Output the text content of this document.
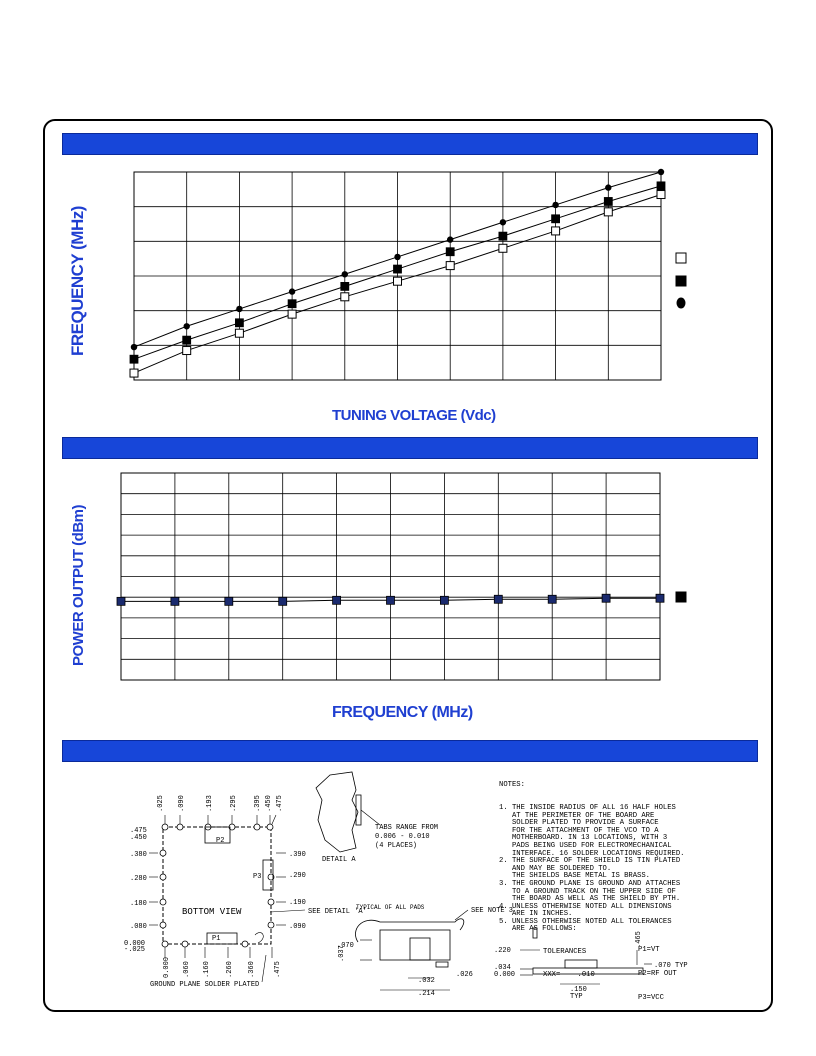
FREQUENCY (MHz)
TUNING VOLTAGE (Vdc)
POWER OUTPUT (dBm)
FREQUENCY (MHz)
.025 .090	.193 .295 .395 .450 .475
.475
.450
.380
.280
.180
.080
0.000
-.025
.390
.290
.190
.090
0.000 .060 .160 .260 .360	.475
BOTTOM VIEW
P1
P2
P3
SEE DETAIL 'A'
GROUND PLANE SOLDER PLATED
DETAIL A
TABS RANGE FROM
0.006 - 0.010
(4 PLACES)
TYPICAL OF ALL PADS	SEE NOTE 3
.070
.037
.032
.026
.214
.220
.034
0.000
.465
.070 TYP
.150
TYP

NOTES:

1. THE INSIDE RADIUS OF ALL 16 HALF HOLES
AT THE PERIMETER OF THE BOARD ARE
SOLDER PLATED TO PROVIDE A SURFACE
FOR THE ATTACHMENT OF THE VCO TO A
MOTHERBOARD. IN 13 LOCATIONS, WITH 3
PADS BEING USED FOR ELECTROMECHANICAL
INTERFACE. 16 SOLDER LOCATIONS REQUIRED.
2. THE SURFACE OF THE SHIELD IS TIN PLATED
AND MAY BE SOLDERED TO.
THE SHIELDS BASE METAL IS BRASS.
3. THE GROUND PLANE IS GROUND AND ATTACHES
TO A GROUND TRACK ON THE UPPER SIDE OF
THE BOARD AS WELL AS THE SHIELD BY PTH.
4. UNLESS OTHERWISE NOTED ALL DIMENSIONS
ARE IN INCHES.
5. UNLESS OTHERWISE NOTED ALL TOLERANCES
ARE AS FOLLOWS:

TOLERANCES

XXX=    .010

P1=VT

P2=RF OUT

P3=VCC
